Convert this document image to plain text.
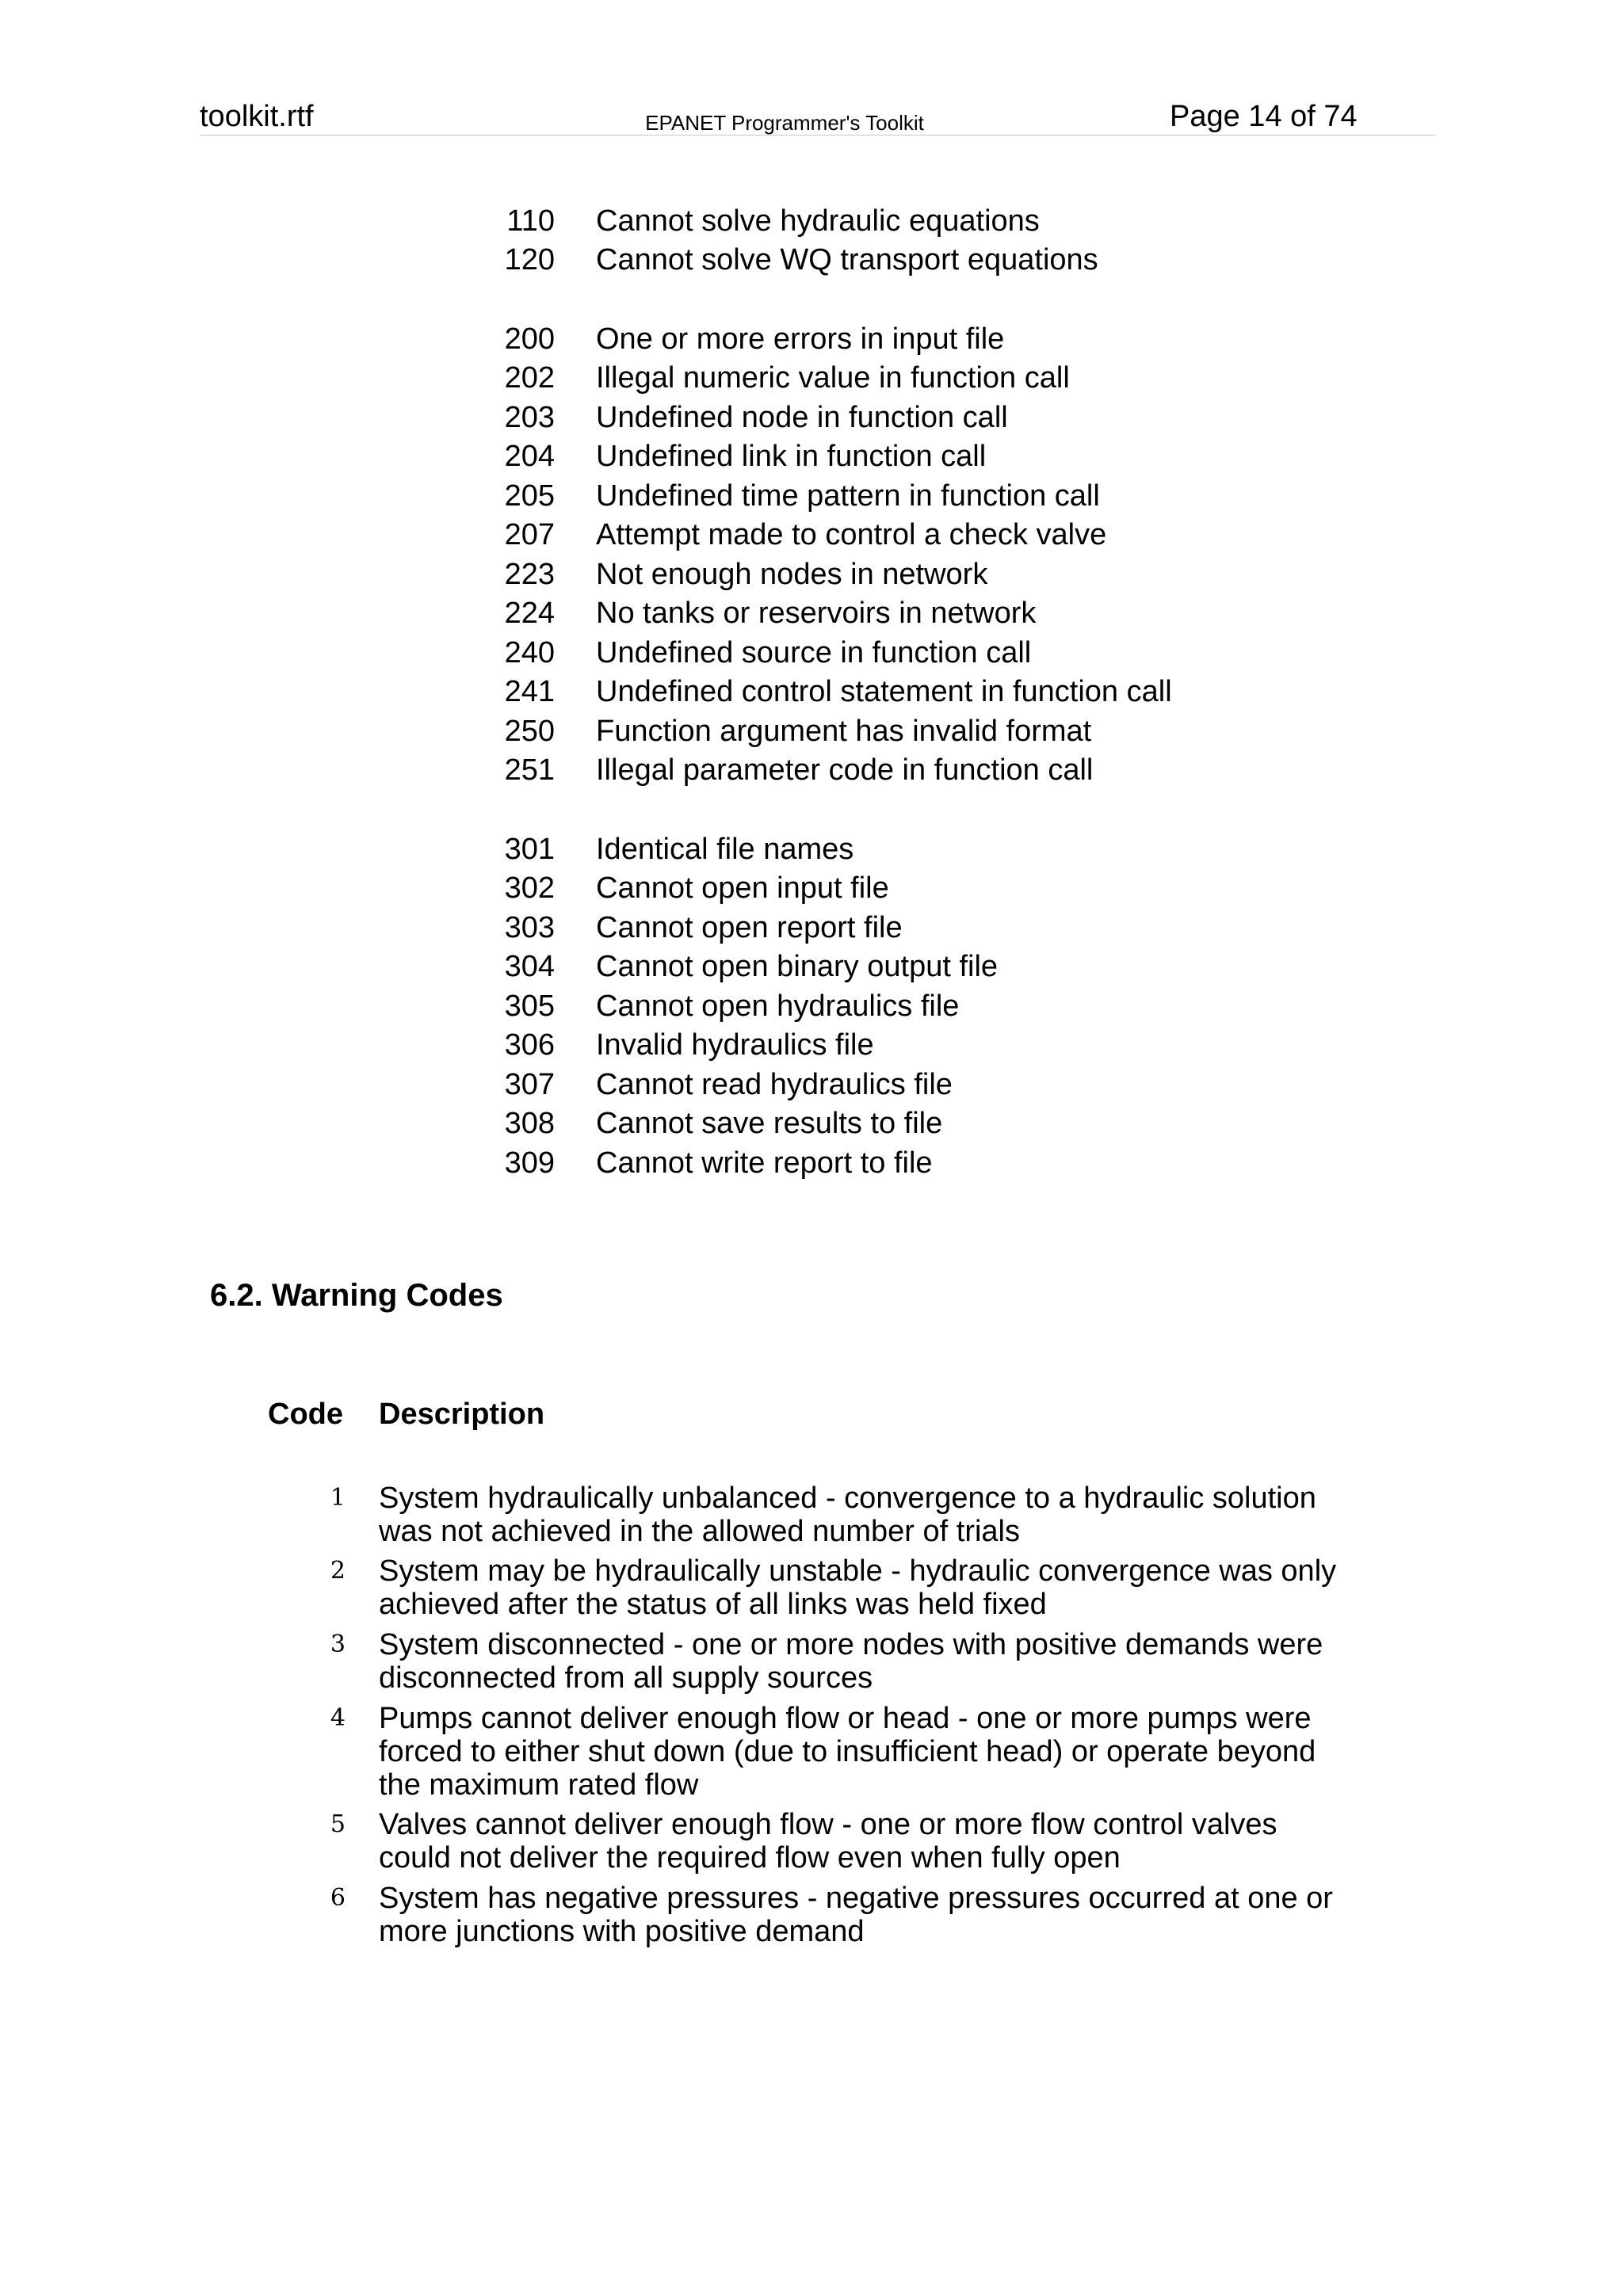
toolkit.rtf	EPANET Programmer's Toolkit	Page 14 of 74
110 Cannot solve hydraulic equations
120 Cannot solve WQ transport equations
200 One or more errors in input file
202 Illegal numeric value in function call
203 Undefined node in function call
204 Undefined link in function call
205 Undefined time pattern in function call
207 Attempt made to control a check valve
223 Not enough nodes in network
224 No tanks or reservoirs in network
240 Undefined source in function call
241 Undefined control statement in function call
250 Function argument has invalid format
251 Illegal parameter code in function call
301 Identical file names
302 Cannot open input file
303 Cannot open report file
304 Cannot open binary output file
305 Cannot open hydraulics file
306 Invalid hydraulics file
307 Cannot read hydraulics file
308 Cannot save results to file
309 Cannot write report to file
6.2. Warning Codes
Code Description
1 System hydraulically unbalanced - convergence to a hydraulic solution was not achieved in the allowed number of trials
2 System may be hydraulically unstable - hydraulic convergence was only achieved after the status of all links was held fixed
3 System disconnected - one or more nodes with positive demands were disconnected from all supply sources
4 Pumps cannot deliver enough flow or head - one or more pumps were forced to either shut down (due to insufficient head) or operate beyond the maximum rated flow
5 Valves cannot deliver enough flow - one or more flow control valves could not deliver the required flow even when fully open
6 System has negative pressures - negative pressures occurred at one or more junctions with positive demand
